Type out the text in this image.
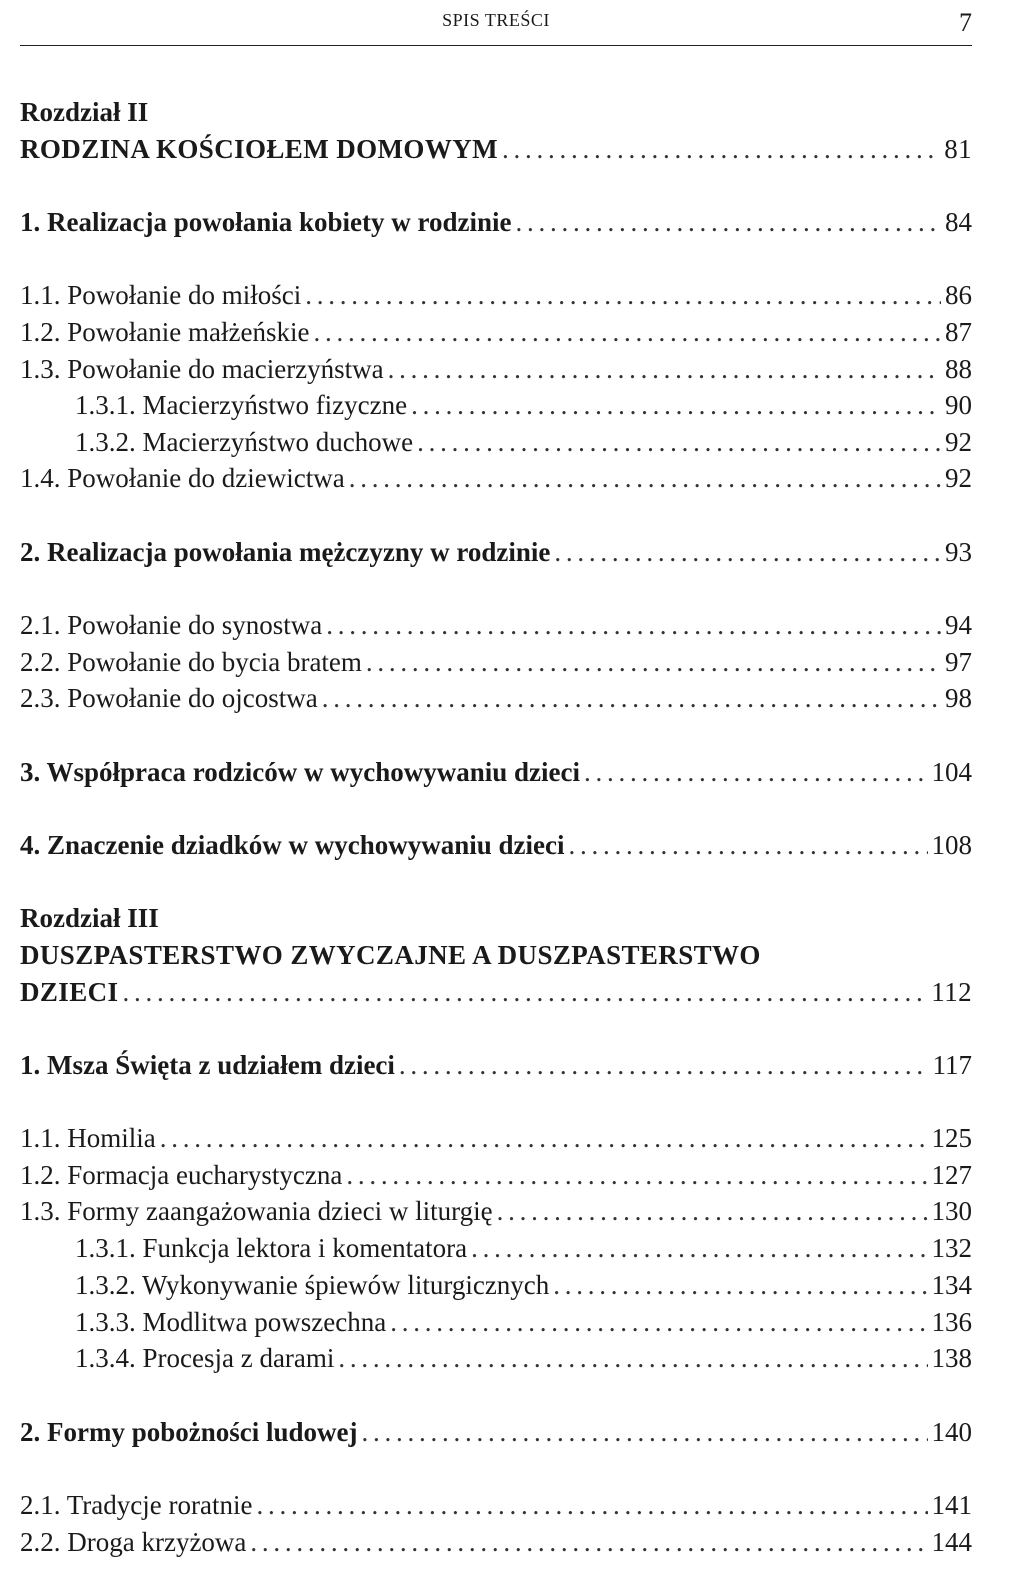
SPIS TREŚCI	7
Rozdział II
RODZINA KOŚCIOŁEM DOMOWYM . . .	81
1. Realizacja powołania kobiety w rodzinie . . .	84
1.1. Powołanie do miłości . . .	86
1.2. Powołanie małżeńskie . . .	87
1.3. Powołanie do macierzyństwa . . .	88
1.3.1. Macierzyństwo fizyczne . . .	90
1.3.2. Macierzyństwo duchowe . . .	92
1.4. Powołanie do dziewictwa . . .	92
2. Realizacja powołania mężczyzny w rodzinie . . .	93
2.1. Powołanie do synostwa . . .	94
2.2. Powołanie do bycia bratem . . .	97
2.3. Powołanie do ojcostwa . . .	98
3. Współpraca rodziców w wychowywaniu dzieci . . .	104
4. Znaczenie dziadków w wychowywaniu dzieci . . .	108
Rozdział III
DUSZPASTERSTWO ZWYCZAJNE A DUSZPASTERSTWO
DZIECI . . .	112
1. Msza Święta z udziałem dzieci . . .	117
1.1. Homilia . . .	125
1.2. Formacja eucharystyczna . . .	127
1.3. Formy zaangażowania dzieci w liturgię . . .	130
1.3.1. Funkcja lektora i komentatora . . .	132
1.3.2. Wykonywanie śpiewów liturgicznych . . .	134
1.3.3. Modlitwa powszechna . . .	136
1.3.4. Procesja z darami . . .	138
2. Formy pobożności ludowej . . .	140
2.1. Tradycje roratnie . . .	141
2.2. Droga krzyżowa . . .	144
